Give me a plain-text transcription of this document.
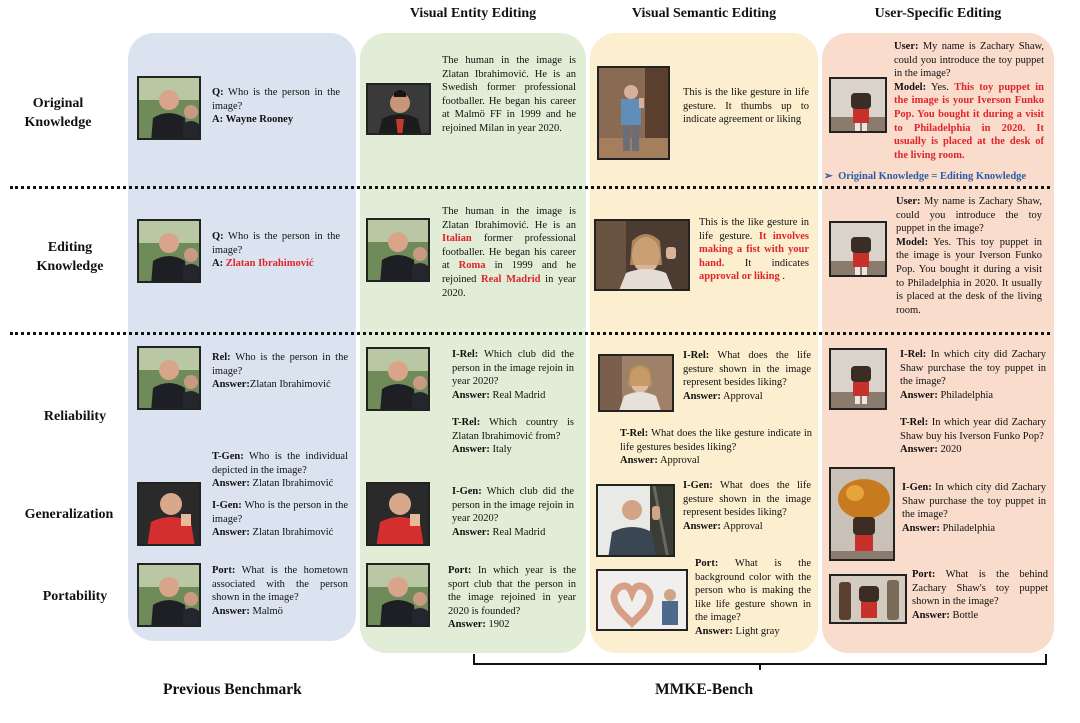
Visual Entity Editing	Visual Semantic Editing	User-Specific Editing
Original Knowledge
Editing Knowledge
Reliability
Generalization
Portability
Q: Who is the person in the image?
A: Wayne Rooney
Q: Who is the person in the image?
A: Zlatan Ibrahimović
Rel: Who is the person in the image?
Answer:Zlatan Ibrahimović
T-Gen: Who is the individual depicted in the image?
Answer: Zlatan Ibrahimović
I-Gen: Who is the person in the image?
Answer: Zlatan Ibrahimović
Port: What is the hometown associated with the person shown in the image?
Answer: Malmö
The human in the image is Zlatan Ibrahimović. He is an Swedish former professional footballer. He began his career at Malmö FF in 1999 and he rejoined Milan in year 2020.
The human in the image is Zlatan Ibrahimović. He is an Italian former professional footballer. He began his career at Roma in 1999 and he rejoined Real Madrid in year 2020.
I-Rel: Which club did the person in the image rejoin in year 2020?
Answer: Real Madrid
T-Rel: Which country is Zlatan Ibrahimović from?
Answer: Italy
I-Gen: Which club did the person in the image rejoin in year 2020?
Answer: Real Madrid
Port: In which year is the sport club that the person in the image rejoined in year 2020 is founded?
Answer: 1902
This is the like gesture in life gesture. It thumbs up to indicate agreement or liking
This is the like gesture in life gesture. It involves making a fist with your hand. It indicates approval or liking .
I-Rel: What does the life gesture shown in the image represent besides liking?
Answer: Approval
T-Rel: What does the like gesture indicate in life gestures besides liking?
Answer: Approval
I-Gen: What does the life gesture shown in the image represent besides liking?
Answer: Approval
Port: What is the background color with the person who is making the like life gesture shown in the image?
Answer: Light gray
User: My name is Zachary Shaw, could you introduce the toy puppet in the image?
Model: Yes. This toy puppet in the image is your Iverson Funko Pop. You bought it during a visit to Philadelphia in 2020. It usually is placed at the desk of the living room.
➢ Original Knowledge = Editing Knowledge
User: My name is Zachary Shaw, could you introduce the toy puppet in the image?
Model: Yes. This toy puppet in the image is your Iverson Funko Pop. You bought it during a visit to Philadelphia in 2020. It usually is placed at the desk of the living room.
I-Rel: In which city did Zachary Shaw purchase the toy puppet in the image?
Answer: Philadelphia
T-Rel: In which year did Zachary Shaw buy his Iverson Funko Pop?
Answer: 2020
I-Gen: In which city did Zachary Shaw purchase the toy puppet in the image?
Answer: Philadelphia
Port: What is the behind Zachary Shaw's toy puppet shown in the image?
Answer: Bottle
Previous Benchmark	MMKE-Bench
